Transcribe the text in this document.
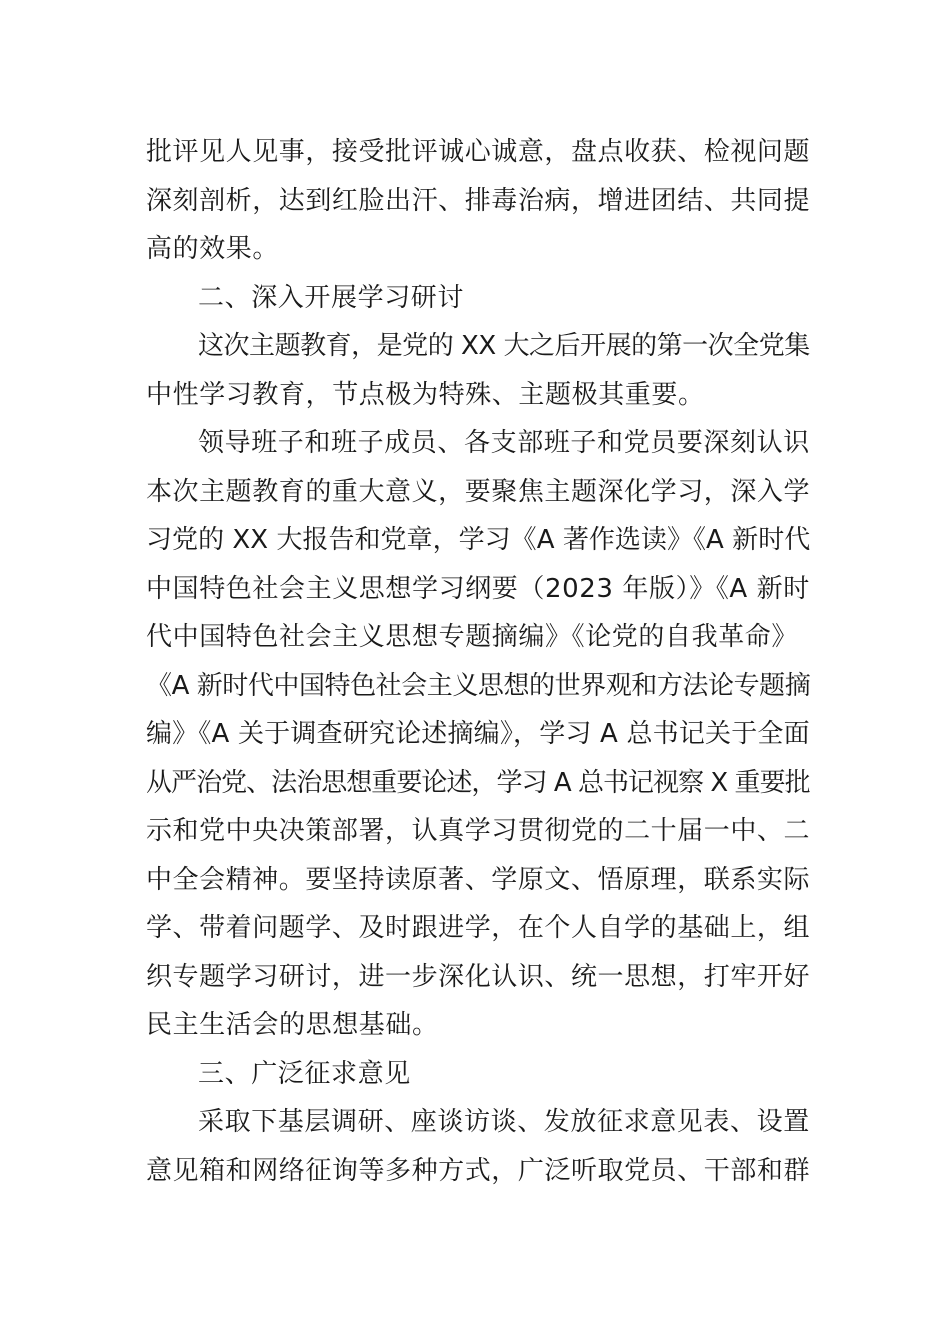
批评见人见事，接受批评诚心诚意，盘点收获、检视问题
深刻剖析，达到红脸出汗、排毒治病，增进团结、共同提
高的效果。
二、深入开展学习研讨
这次主题教育，是党的 XX 大之后开展的第一次全党集
中性学习教育，节点极为特殊、主题极其重要。
领导班子和班子成员、各支部班子和党员要深刻认识
本次主题教育的重大意义，要聚焦主题深化学习，深入学
习党的 XX 大报告和党章，学习《A 著作选读》《A 新时代
中国特色社会主义思想学习纲要（2023 年版）》《A 新时
代中国特色社会主义思想专题摘编》《论党的自我革命》
《A 新时代中国特色社会主义思想的世界观和方法论专题摘
编》《A 关于调查研究论述摘编》，学习 A 总书记关于全面
从严治党、法治思想重要论述，学习 A 总书记视察 X 重要批
示和党中央决策部署，认真学习贯彻党的二十届一中、二
中全会精神。要坚持读原著、学原文、悟原理，联系实际
学、带着问题学、及时跟进学，在个人自学的基础上，组
织专题学习研讨，进一步深化认识、统一思想，打牢开好
民主生活会的思想基础。
三、广泛征求意见
采取下基层调研、座谈访谈、发放征求意见表、设置
意见箱和网络征询等多种方式，广泛听取党员、干部和群
